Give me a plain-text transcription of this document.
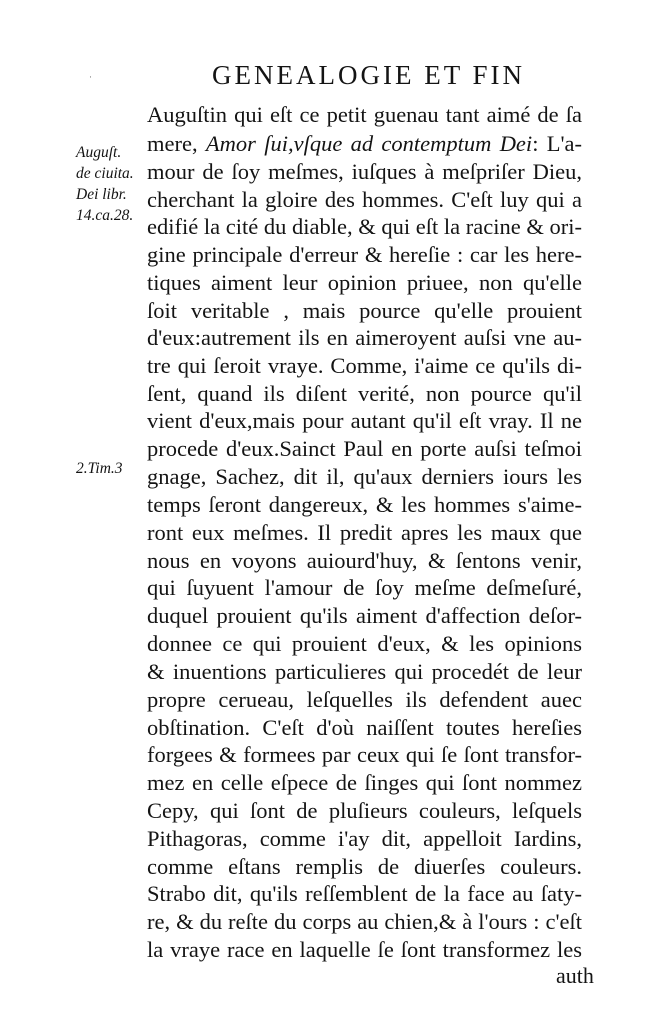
·	GENEALOGIE ET FIN
Auguſt.
de ciuita.
Dei libr.
14.ca.28.
2.Tim.3
Auguſtin qui eſt ce petit guenau tant aimé de ſa
mere, Amor ſui,vſque ad contemptum Dei: L'a-
mour de ſoy meſmes, iuſques à meſpriſer Dieu,
cherchant la gloire des hommes. C'eſt luy qui a
edifié la cité du diable, & qui eſt la racine & ori-
gine principale d'erreur & hereſie : car les here-
tiques aiment leur opinion priuee, non qu'elle
ſoit veritable , mais pource qu'elle prouient
d'eux:autrement ils en aimeroyent auſsi vne au-
tre qui ſeroit vraye. Comme, i'aime ce qu'ils di-
ſent, quand ils diſent verité, non pource qu'il
vient d'eux,mais pour autant qu'il eſt vray. Il ne
procede d'eux.Sainct Paul en porte auſsi teſmoi
gnage, Sachez, dit il, qu'aux derniers iours les
temps ſeront dangereux, & les hommes s'aime-
ront eux meſmes. Il predit apres les maux que
nous en voyons auiourd'huy, & ſentons venir,
qui ſuyuent l'amour de ſoy meſme deſmeſuré,
duquel prouient qu'ils aiment d'affection deſor-
donnee ce qui prouient d'eux, & les opinions
& inuentions particulieres qui procedét de leur
propre cerueau, leſquelles ils defendent auec
obſtination. C'eſt d'où naiſſent toutes hereſies
forgees & formees par ceux qui ſe ſont transfor-
mez en celle eſpece de ſinges qui ſont nommez
Cepy, qui ſont de pluſieurs couleurs, leſquels
Pithagoras, comme i'ay dit, appelloit Iardins,
comme eſtans remplis de diuerſes couleurs.
Strabo dit, qu'ils reſſemblent de la face au ſaty-
re, & du reſte du corps au chien,& à l'ours : c'eſt
la vraye race en laquelle ſe ſont transformez les
auth
